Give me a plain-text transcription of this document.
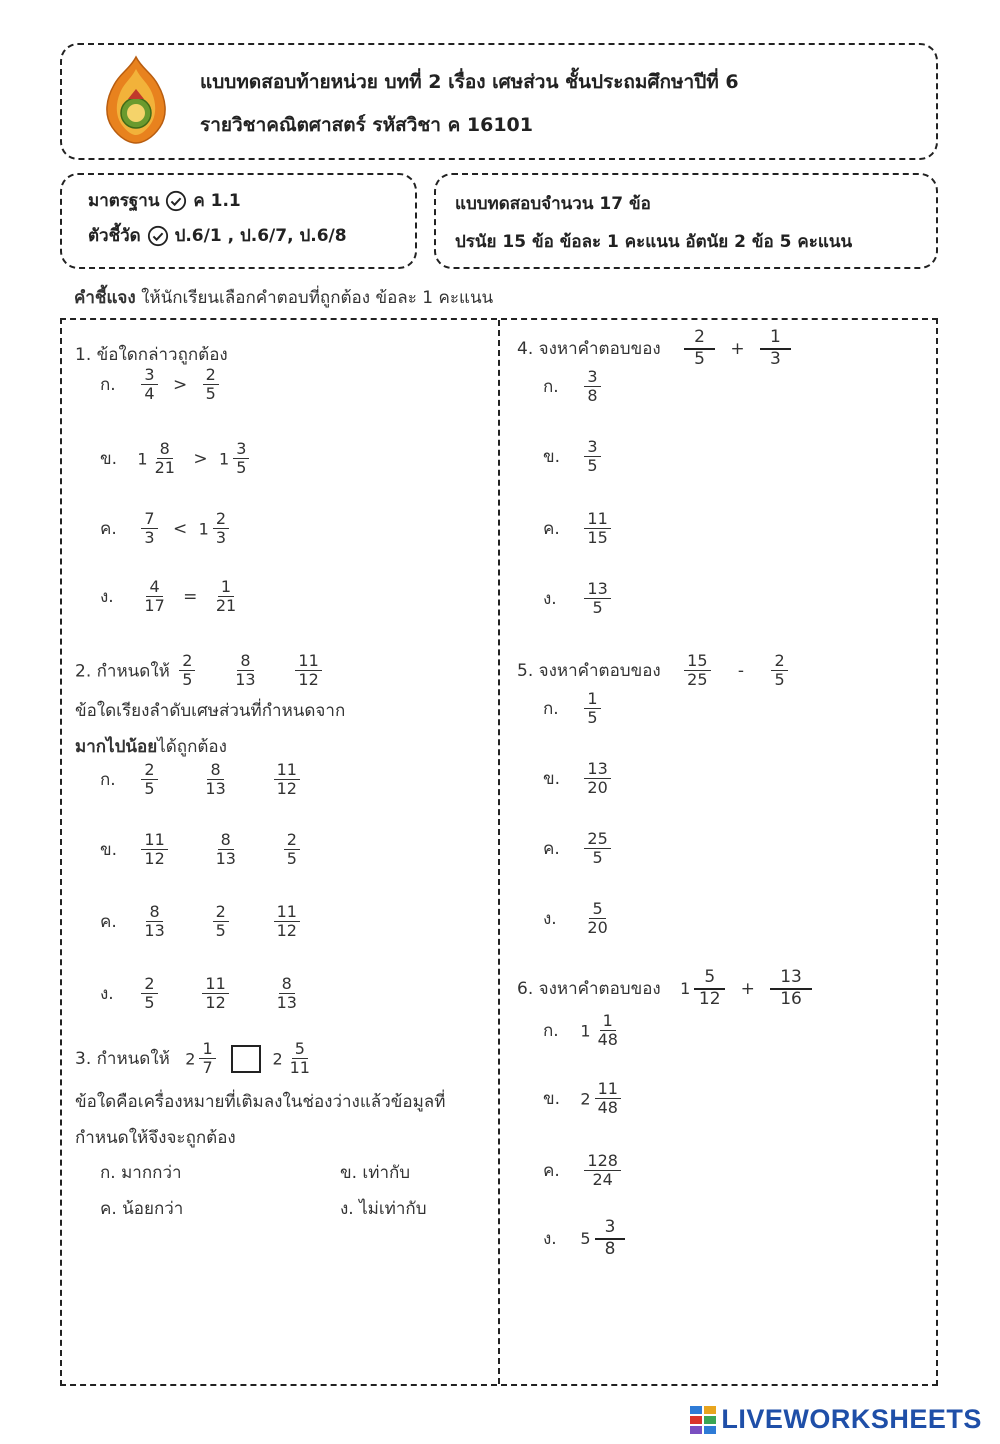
แบบทดสอบท้ายหน่วย บทที่ 2 เรื่อง เศษส่วน ชั้นประถมศึกษาปีที่ 6
รายวิชาคณิตศาสตร์ รหัสวิชา ค 16101
มาตรฐาน ค 1.1
ตัวชี้วัด ป.6/1 , ป.6/7, ป.6/8
แบบทดสอบจำนวน 17 ข้อ
ปรนัย 15 ข้อ ข้อละ 1 คะแนน อัตนัย 2 ข้อ 5 คะแนน
คำชี้แจง ให้นักเรียนเลือกคำตอบที่ถูกต้อง ข้อละ 1 คะแนน
1. ข้อใดกล่าวถูกต้อง
ก. $\frac{3}{4} > \frac{2}{5}$
ข. $1 \frac{8}{21} > 1 \frac{3}{5}$
ค. $\frac{7}{3} < 1 \frac{2}{3}$
ง. $\frac{4}{17} = \frac{1}{21}$
2. กำหนดให้ $\frac{2}{5}$
$\frac{8}{13}$
$\frac{11}{12}$
ข้อใดเรียงลำดับเศษส่วนที่กำหนดจาก
มากไปน้อยได้ถูกต้อง
ก. $\frac{2}{5}$
	$\frac{8}{13}$
	$\frac{11}{12}$
ข. $\frac{11}{12}$
	$\frac{8}{13}$
	$\frac{2}{5}$
ค. $\frac{8}{13}$
	$\frac{2}{5}$
	$\frac{11}{12}$
ง. $\frac{2}{5}$
	$\frac{11}{12}$
	$\frac{8}{13}$
3. กำหนดให้ $2 \frac{1}{7}$	$2 \frac{5}{11}$
ข้อใดคือเครื่องหมายที่เติมลงในช่องว่างแล้วข้อมูลที่
กำหนดให้จึงจะถูกต้อง
ก. มากกว่า	ข. เท่ากับ
ค. น้อยกว่า	ง. ไม่เท่ากับ
4. จงหาคำตอบของ $\frac{2}{5} + \frac{1}{3}$
ก. $\frac{3}{8}$
ข. $\frac{3}{5}$
ค. $\frac{11}{15}$
ง. $\frac{13}{5}$
5. จงหาคำตอบของ $\frac{15}{25} - \frac{2}{5}$
ก. $\frac{1}{5}$
ข. $\frac{13}{20}$
ค. $\frac{25}{5}$
ง. $\frac{5}{20}$
6. จงหาคำตอบของ $1 \frac{5}{12} + \frac{13}{16}$
ก. $1 \frac{1}{48}$
ข. $2 \frac{11}{48}$
ค. $\frac{128}{24}$
ง. $5 \frac{3}{8}$
LIVEWORKSHEETS
